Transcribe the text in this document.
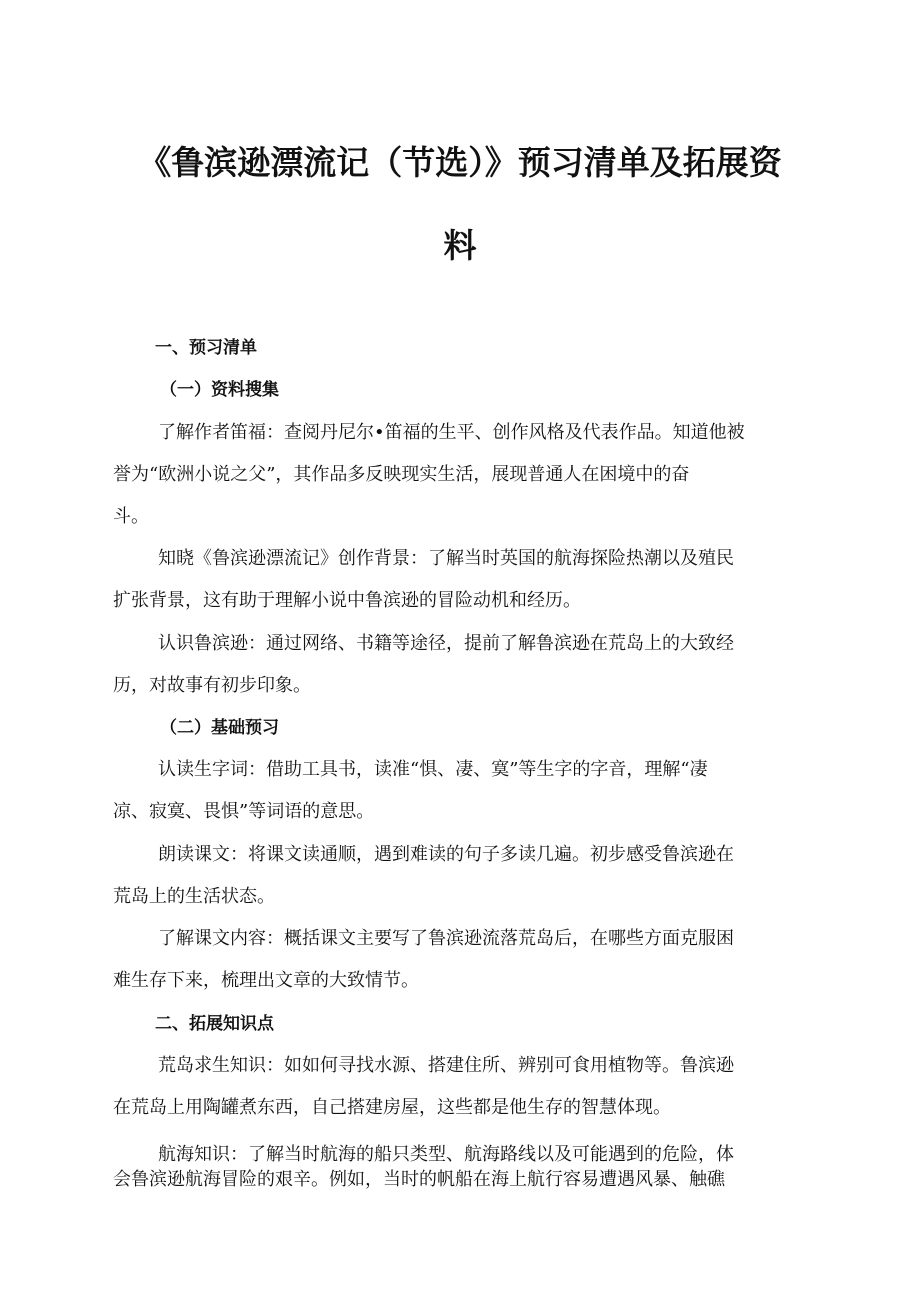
《鲁滨逊漂流记（节选）》预习清单及拓展资
料
一、预习清单
（一）资料搜集

了解作者笛福：查阅丹尼尔•笛福的生平、创作风格及代表作品。知道他被

誉为“欧洲小说之父”，其作品多反映现实生活，展现普通人在困境中的奋

斗。

知晓《鲁滨逊漂流记》创作背景：了解当时英国的航海探险热潮以及殖民

扩张背景，这有助于理解小说中鲁滨逊的冒险动机和经历。

认识鲁滨逊：通过网络、书籍等途径，提前了解鲁滨逊在荒岛上的大致经

历，对故事有初步印象。

（二）基础预习

认读生字词：借助工具书，读准“惧、凄、寞”等生字的字音，理解“凄

凉、寂寞、畏惧”等词语的意思。

朗读课文：将课文读通顺，遇到难读的句子多读几遍。初步感受鲁滨逊在

荒岛上的生活状态。

了解课文内容：概括课文主要写了鲁滨逊流落荒岛后，在哪些方面克服困

难生存下来，梳理出文章的大致情节。

二、拓展知识点

荒岛求生知识：如如何寻找水源、搭建住所、辨别可食用植物等。鲁滨逊

在荒岛上用陶罐煮东西，自己搭建房屋，这些都是他生存的智慧体现。

航海知识：了解当时航海的船只类型、航海路线以及可能遇到的危险，体

会鲁滨逊航海冒险的艰辛。例如，当时的帆船在海上航行容易遭遇风暴、触礁
